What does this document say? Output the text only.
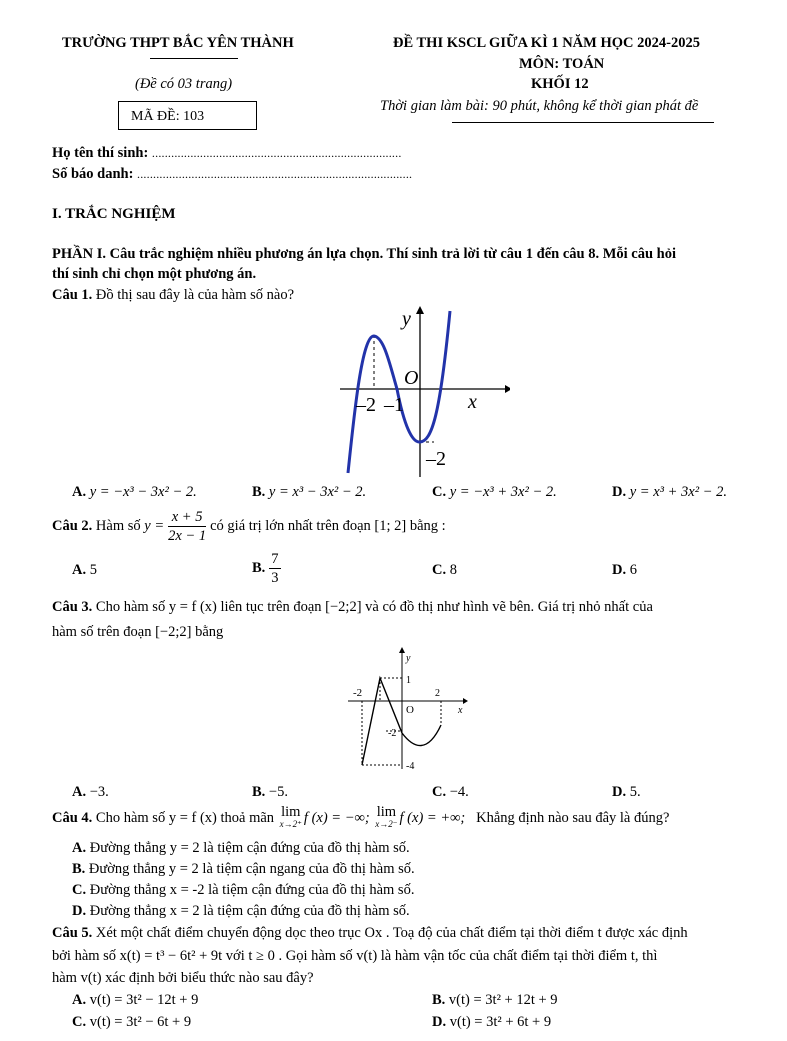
TRƯỜNG THPT BẮC YÊN THÀNH
(Đề có 03 trang)
MÃ ĐỀ: 103
ĐỀ THI KSCL GIỮA KÌ 1 NĂM HỌC 2024-2025
MÔN: TOÁN
KHỐI 12
Thời gian làm bài: 90 phút, không kể thời gian phát đề
Họ tên thí sinh: ..............................................................................
Số báo danh: ......................................................................................
I. TRẮC NGHIỆM
PHẦN I. Câu trắc nghiệm nhiều phương án lựa chọn. Thí sinh trả lời từ câu 1 đến câu 8. Mỗi câu hỏi
thí sinh chỉ chọn một phương án.
Câu 1. Đồ thị sau đây là của hàm số nào?
y
O
x
–2 –1
–2
A. y = −x³ − 3x² − 2.	B. y = x³ − 3x² − 2.	C. y = −x³ + 3x² − 2.	D. y = x³ + 3x² − 2.
Câu 2.
Hàm số
$y = \frac{x + 5}{2x - 1}$ có giá trị lớn nhất trên đoạn
[1; 2]
bằng :
A. 5	B. $\frac{7}{3}$	C. 8	D. 6
Câu 3. Cho hàm số y = f (x) liên tục trên đoạn [−2;2] và có đồ thị như hình vẽ bên. Giá trị nhỏ nhất của
hàm số trên đoạn [−2;2] bằng
y
x
O
-2
1
2
-2
-4
A. −3.	B. −5.	C. −4.	D. 5.
Câu 4.
Cho hàm số y = f (x) thoả mãn
lim
x→2⁺ f (x) = −∞;
lim
x→2⁻ f (x) = +∞;
Khẳng định nào sau đây là đúng?
A. Đường thẳng y = 2 là tiệm cận đứng của đồ thị hàm số.
B. Đường thẳng y = 2 là tiệm cận ngang của đồ thị hàm số.
C. Đường thẳng x = -2 là tiệm cận đứng của đồ thị hàm số.
D. Đường thẳng x = 2 là tiệm cận đứng của đồ thị hàm số.
Câu 5. Xét một chất điểm chuyển động dọc theo trục Ox . Toạ độ của chất điểm tại thời điểm t được xác định
bởi hàm số x(t) = t³ − 6t² + 9t với t ≥ 0 . Gọi hàm số v(t) là hàm vận tốc của chất điểm tại thời điểm t, thì
hàm v(t) xác định bởi biểu thức nào sau đây?
A. v(t) = 3t² − 12t + 9	B. v(t) = 3t² + 12t + 9
C. v(t) = 3t² − 6t + 9	D. v(t) = 3t² + 6t + 9
